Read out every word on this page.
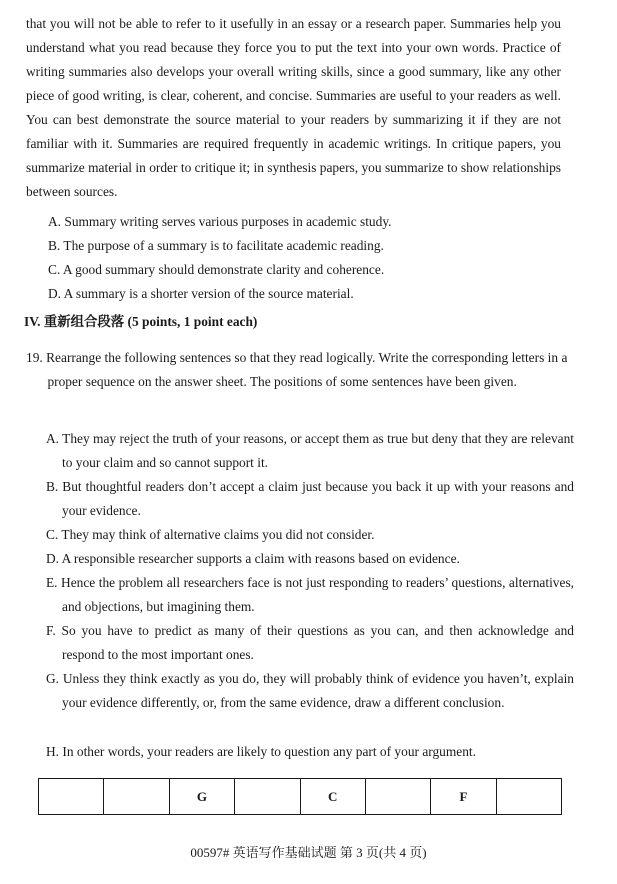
that you will not be able to refer to it usefully in an essay or a research paper. Summaries help you understand what you read because they force you to put the text into your own words. Practice of writing summaries also develops your overall writing skills, since a good summary, like any other piece of good writing, is clear, coherent, and concise. Summaries are useful to your readers as well. You can best demonstrate the source material to your readers by summarizing it if they are not familiar with it. Summaries are required frequently in academic writings. In critique papers, you summarize material in order to critique it; in synthesis papers, you summarize to show relationships between sources.

A. Summary writing serves various purposes in academic study.
B. The purpose of a summary is to facilitate academic reading.
C. A good summary should demonstrate clarity and coherence.
D. A summary is a shorter version of the source material.
IV. 重新组合段落 (5 points, 1 point each)

19. Rearrange the following sentences so that they read logically. Write the corresponding letters in a proper sequence on the answer sheet. The positions of some sentences have been given.

A. They may reject the truth of your reasons, or accept them as true but deny that they are relevant to your claim and so cannot support it.

B. But thoughtful readers don’t accept a claim just because you back it up with your reasons and your evidence.

C. They may think of alternative claims you did not consider.

D. A responsible researcher supports a claim with reasons based on evidence.

E. Hence the problem all researchers face is not just responding to readers’ questions, alternatives, and objections, but imagining them.

F. So you have to predict as many of their questions as you can, and then acknowledge and respond to the most important ones.

G. Unless they think exactly as you do, they will probably think of evidence you haven’t, explain your evidence differently, or, from the same evidence, draw a different conclusion.

H. In other words, your readers are likely to question any part of your argument.

		G		C		F	
00597# 英语写作基础试题 第 3 页(共 4 页)
